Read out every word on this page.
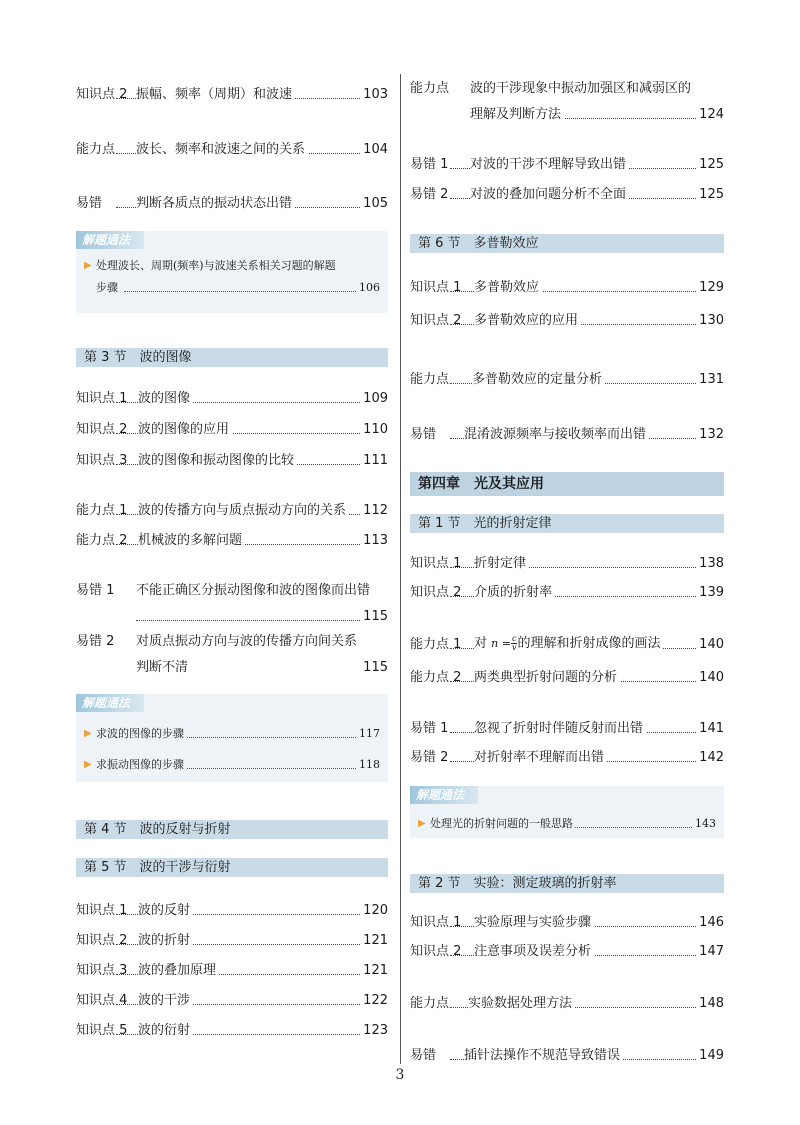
知识点 2 振幅、频率（周期）和波速	103
能力点 波长、频率和波速之间的关系	104
易错	判断各质点的振动状态出错	105
解题通法
▶ 处理波长、周期(频率)与波速关系相关习题的解题
步骤	106
第 3 节　波的图像
知识点 1 波的图像	109
知识点 2 波的图像的应用	110
知识点 3 波的图像和振动图像的比较	111
能力点 1 波的传播方向与质点振动方向的关系 112
能力点 2 机械波的多解问题	113
易错 1 不能正确区分振动图像和波的图像而出错
115
易错 2 对质点振动方向与波的传播方向间关系
判断不清	115
解题通法
▶ 求波的图像的步骤	117
▶ 求振动图像的步骤	118
第 4 节　波的反射与折射
第 5 节　波的干涉与衍射
知识点 1 波的反射	120
知识点 2 波的折射	121
知识点 3 波的叠加原理	121
知识点 4 波的干涉	122
知识点 5 波的衍射	123
能力点 波的干涉现象中振动加强区和减弱区的
理解及判断方法	124
易错 1 对波的干涉不理解导致出错	125
易错 2 对波的叠加问题分析不全面	125
第 6 节　多普勒效应
知识点 1 多普勒效应	129
知识点 2 多普勒效应的应用	130
能力点 多普勒效应的定量分析	131
易错 混淆波源频率与接收频率而出错	132
第四章　光及其应用
第 1 节　光的折射定律
知识点 1 折射定律	138
知识点 2 介质的折射率	139
能力点 1 对 $n = \frac{c}{v}$ 的理解和折射成像的画法	140
能力点 2 两类典型折射问题的分析	140
易错 1 忽视了折射时伴随反射而出错	141
易错 2 对折射率不理解而出错	142
解题通法
▶ 处理光的折射问题的一般思路	143
第 2 节　实验：测定玻璃的折射率
知识点 1 实验原理与实验步骤	146
知识点 2 注意事项及误差分析	147
能力点 实验数据处理方法	148
易错 插针法操作不规范导致错误	149
3
